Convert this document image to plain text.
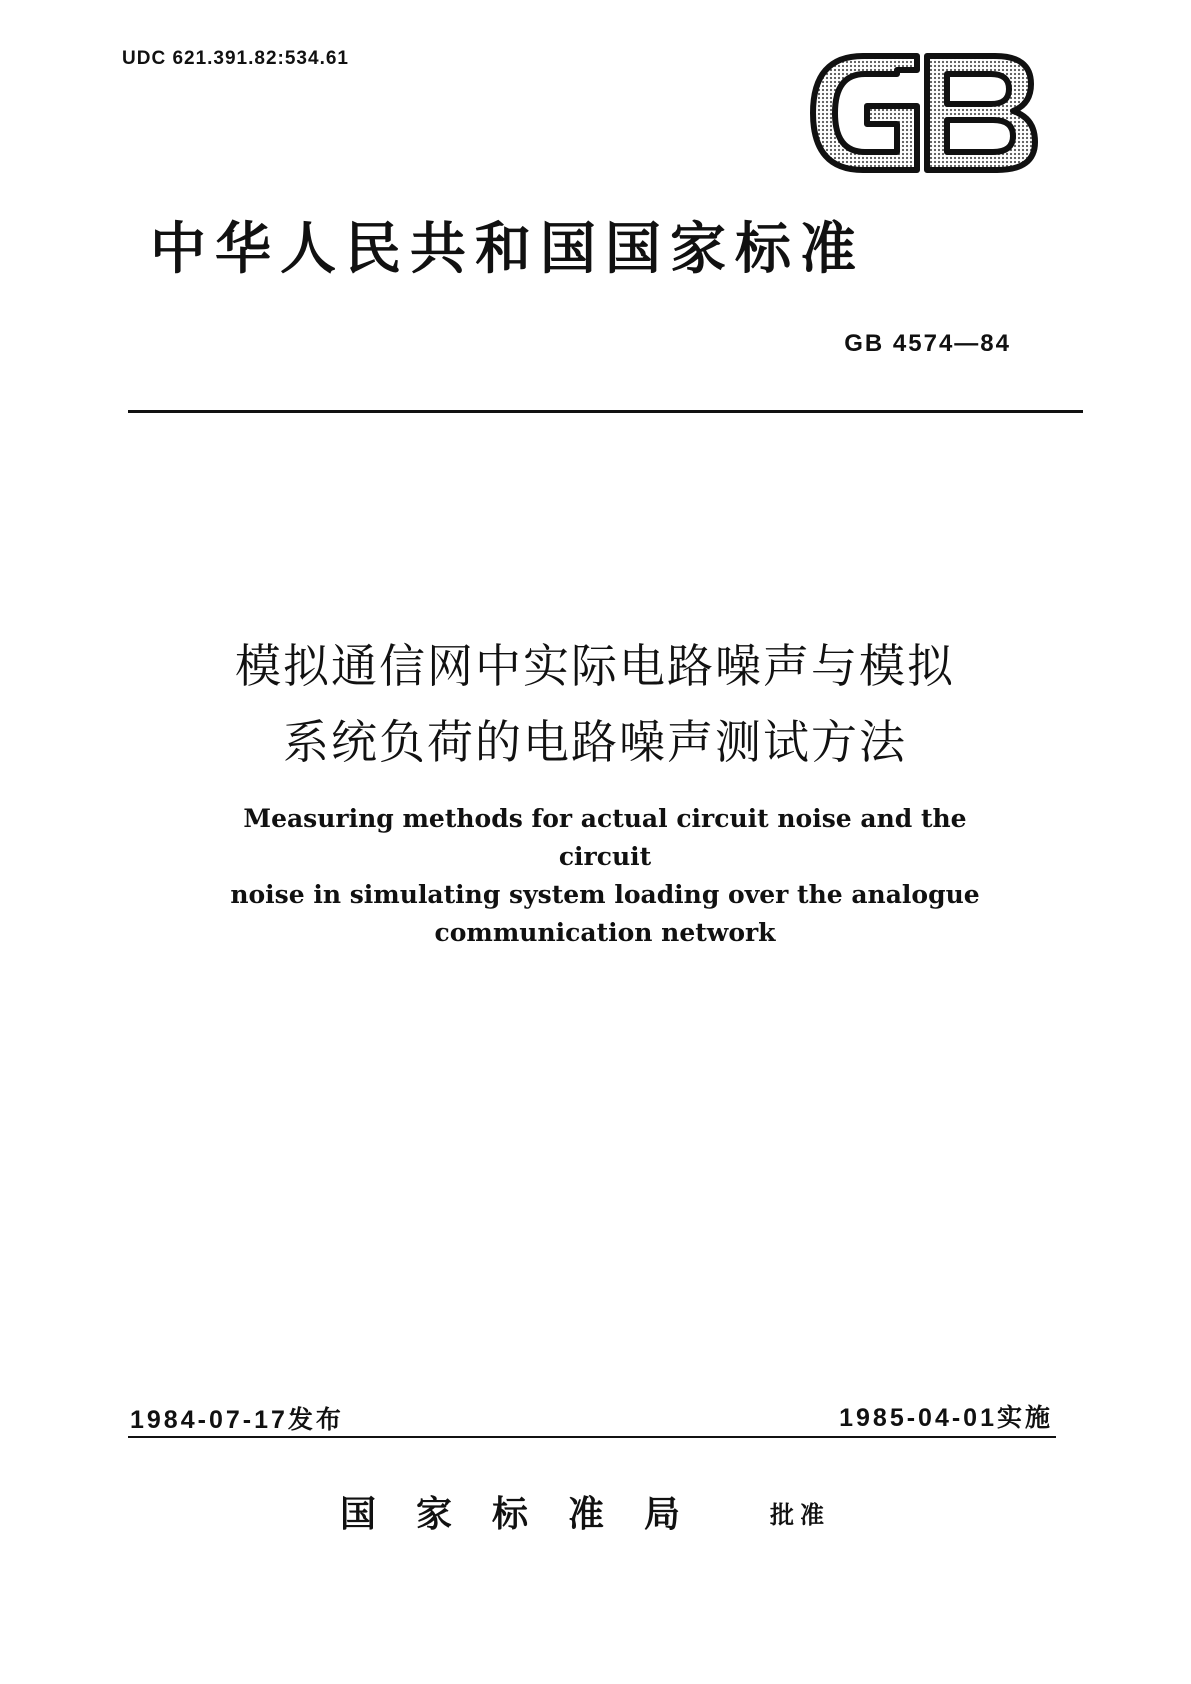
UDC 621.391.82:534.61
中华人民共和国国家标准
GB 4574—84
模拟通信网中实际电路噪声与模拟
系统负荷的电路噪声测试方法
Measuring methods for actual circuit noise and the circuit
noise in simulating system loading over the analogue
communication network
1984-07-17发布	1985-04-01实施
国家标准局 批准
